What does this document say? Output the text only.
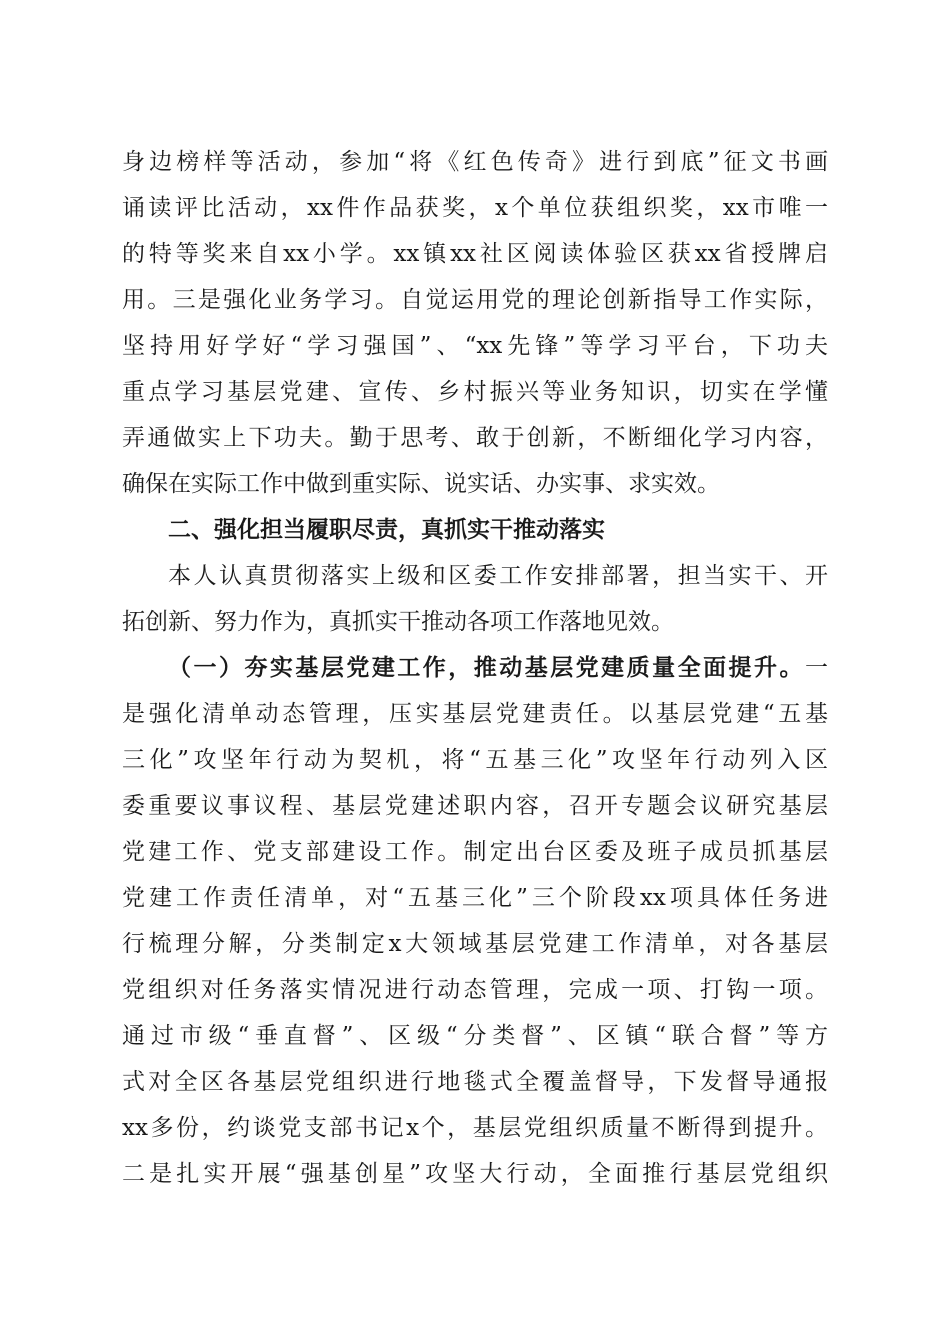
身边榜样等活动，参加“将《红色传奇》进行到底”征文书画
诵读评比活动，xx件作品获奖，x个单位获组织奖，xx市唯一
的特等奖来自xx小学。xx镇xx社区阅读体验区获xx省授牌启
用。三是强化业务学习。自觉运用党的理论创新指导工作实际，
坚持用好学好“学习强国”、“xx先锋”等学习平台，下功夫
重点学习基层党建、宣传、乡村振兴等业务知识，切实在学懂
弄通做实上下功夫。勤于思考、敢于创新，不断细化学习内容，
确保在实际工作中做到重实际、说实话、办实事、求实效。
二、强化担当履职尽责，真抓实干推动落实
本人认真贯彻落实上级和区委工作安排部署，担当实干、开
拓创新、努力作为，真抓实干推动各项工作落地见效。
（一）夯实基层党建工作，推动基层党建质量全面提升。一
是强化清单动态管理，压实基层党建责任。以基层党建“五基
三化”攻坚年行动为契机，将“五基三化”攻坚年行动列入区
委重要议事议程、基层党建述职内容，召开专题会议研究基层
党建工作、党支部建设工作。制定出台区委及班子成员抓基层
党建工作责任清单，对“五基三化”三个阶段xx项具体任务进
行梳理分解，分类制定x大领域基层党建工作清单，对各基层
党组织对任务落实情况进行动态管理，完成一项、打钩一项。
通过市级“垂直督”、区级“分类督”、区镇“联合督”等方
式对全区各基层党组织进行地毯式全覆盖督导，下发督导通报
xx多份，约谈党支部书记x个，基层党组织质量不断得到提升。
二是扎实开展“强基创星”攻坚大行动，全面推行基层党组织
